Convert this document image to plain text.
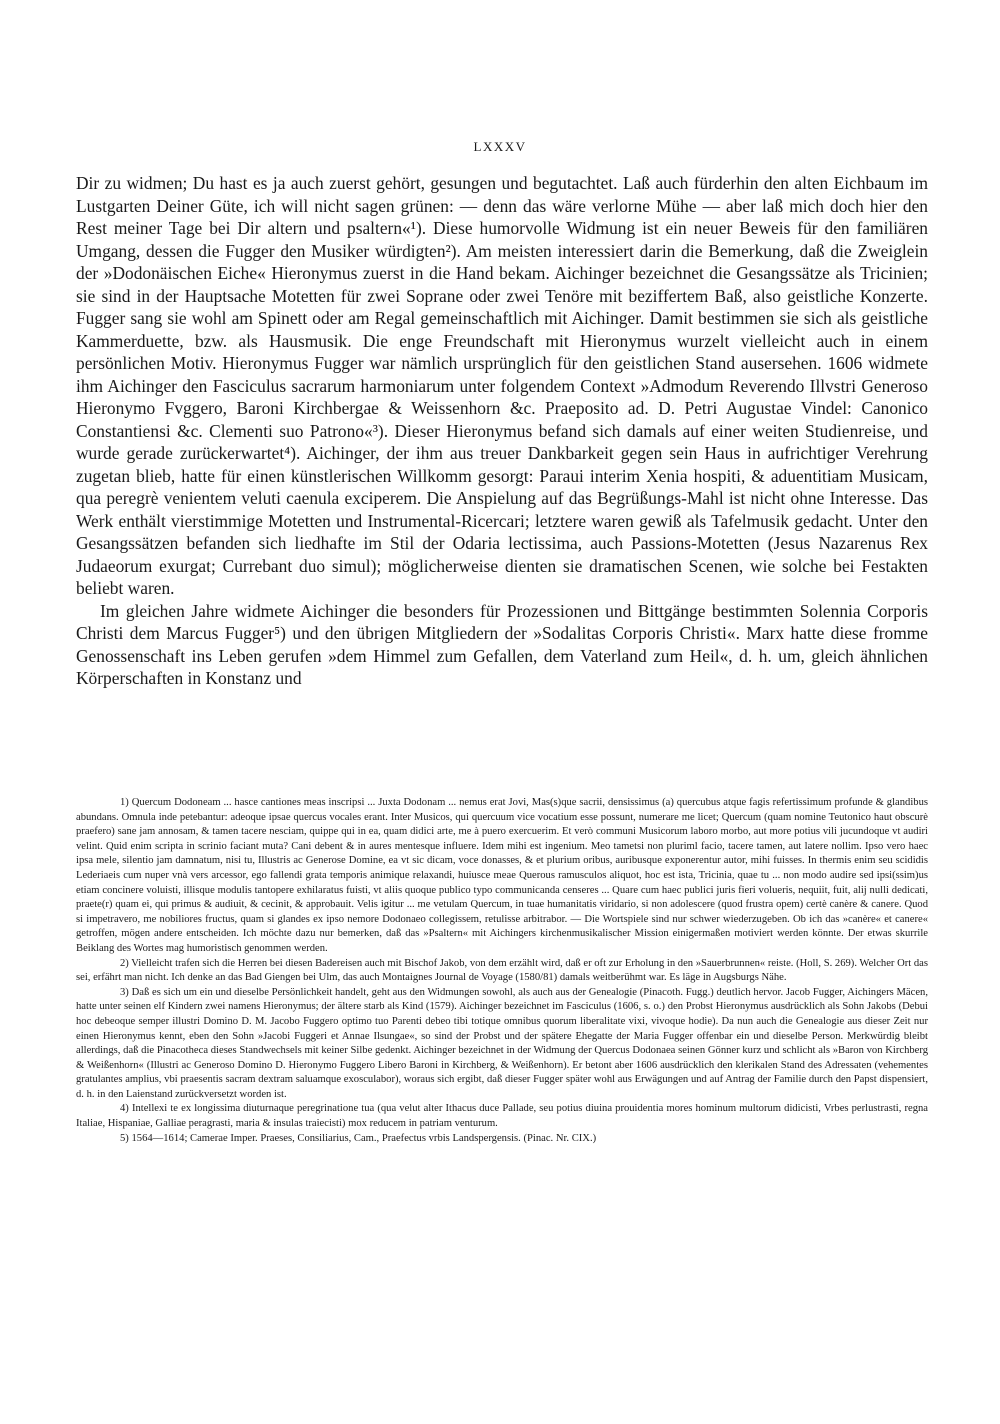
LXXXV

Dir zu widmen; Du hast es ja auch zuerst gehört, gesungen und begutachtet. Laß auch fürderhin den alten Eichbaum im Lustgarten Deiner Güte, ich will nicht sagen grünen: — denn das wäre verlorne Mühe — aber laß mich doch hier den Rest meiner Tage bei Dir altern und psaltern«¹). Diese humorvolle Widmung ist ein neuer Beweis für den familiären Umgang, dessen die Fugger den Musiker würdigten²). Am meisten interessiert darin die Bemerkung, daß die Zweiglein der »Dodonäischen Eiche« Hieronymus zuerst in die Hand bekam. Aichinger bezeichnet die Gesangssätze als Tricinien; sie sind in der Hauptsache Motetten für zwei Soprane oder zwei Tenöre mit beziffertem Baß, also geistliche Konzerte. Fugger sang sie wohl am Spinett oder am Regal gemeinschaftlich mit Aichinger. Damit bestimmen sie sich als geistliche Kammerduette, bzw. als Hausmusik. Die enge Freundschaft mit Hieronymus wurzelt vielleicht auch in einem persönlichen Motiv. Hieronymus Fugger war nämlich ursprünglich für den geistlichen Stand ausersehen. 1606 widmete ihm Aichinger den Fasciculus sacrarum harmoniarum unter folgendem Context »Admodum Reverendo Illvstri Generoso Hieronymo Fvggero, Baroni Kirchbergae & Weissenhorn &c. Praeposito ad. D. Petri Augustae Vindel: Canonico Constantiensi &c. Clementi suo Patrono«³). Dieser Hieronymus befand sich damals auf einer weiten Studienreise, und wurde gerade zurückerwartet⁴). Aichinger, der ihm aus treuer Dankbarkeit gegen sein Haus in aufrichtiger Verehrung zugetan blieb, hatte für einen künstlerischen Willkomm gesorgt: Paraui interim Xenia hospiti, & aduentitiam Musicam, qua peregrè venientem veluti caenula exciperem. Die Anspielung auf das Begrüßungs-Mahl ist nicht ohne Interesse. Das Werk enthält vierstimmige Motetten und Instrumental-Ricercari; letztere waren gewiß als Tafelmusik gedacht. Unter den Gesangssätzen befanden sich liedhafte im Stil der Odaria lectissima, auch Passions-Motetten (Jesus Nazarenus Rex Judaeorum exurgat; Currebant duo simul); möglicherweise dienten sie dramatischen Scenen, wie solche bei Festakten beliebt waren.

Im gleichen Jahre widmete Aichinger die besonders für Prozessionen und Bittgänge bestimmten Solennia Corporis Christi dem Marcus Fugger⁵) und den übrigen Mitgliedern der »Sodalitas Corporis Christi«. Marx hatte diese fromme Genossenschaft ins Leben gerufen »dem Himmel zum Gefallen, dem Vaterland zum Heil«, d. h. um, gleich ähnlichen Körperschaften in Konstanz und

1) Quercum Dodoneam ... hasce cantiones meas inscripsi ... Juxta Dodonam ... nemus erat Jovi, Mas(s)que sacrii, densissimus (a) quercubus atque fagis refertissimum profunde & glandibus abundans. Omnula inde petebantur: adeoque ipsae quercus vocales erant. Inter Musicos, qui quercuum vice vocatium esse possunt, numerare me licet; Quercum (quam nomine Teutonico haut obscurè praefero) sane jam annosam, & tamen tacere nesciam, quippe qui in ea, quam didici arte, me à puero exercuerim. Et verò communi Musicorum laboro morbo, aut more potius vili jucundoque vt audiri velint. Quid enim scripta in scrinio faciant muta? Cani debent & in aures mentesque influere. Idem mihi est ingenium. Meo tametsi non pluriml facio, tacere tamen, aut latere nollim. Ipso vero haec ipsa mele, silentio jam damnatum, nisi tu, Illustris ac Generose Domine, ea vt sic dicam, voce donasses, & et plurium oribus, auribusque exponerentur autor, mihi fuisses. In thermis enim seu scididis Lederiaeis cum nuper vnà vers arcessor, ego fallendi grata temporis animique relaxandi, huiusce meae Querous ramusculos aliquot, hoc est ista, Tricinia, quae tu ... non modo audire sed ipsi(ssim)us etiam concinere voluisti, illisque modulis tantopere exhilaratus fuisti, vt aliis quoque publico typo communicanda censeres ... Quare cum haec publici juris fieri volueris, nequiit, fuit, alij nulli dedicati, praete(r) quam ei, qui primus & audiuit, & cecinit, & approbauit. Velis igitur ... me vetulam Quercum, in tuae humanitatis viridario, si non adolescere (quod frustra opem) certè canère & canere. Quod si impetravero, me nobiliores fructus, quam si glandes ex ipso nemore Dodonaeo collegissem, retulisse arbitrabor. — Die Wortspiele sind nur schwer wiederzugeben. Ob ich das »canère« et canere« getroffen, mögen andere entscheiden. Ich möchte dazu nur bemerken, daß das »Psaltern« mit Aichingers kirchenmusikalischer Mission einigermaßen motiviert werden könnte. Der etwas skurrile Beiklang des Wortes mag humoristisch genommen werden.

2) Vielleicht trafen sich die Herren bei diesen Badereisen auch mit Bischof Jakob, von dem erzählt wird, daß er oft zur Erholung in den »Sauerbrunnen« reiste. (Holl, S. 269). Welcher Ort das sei, erfährt man nicht. Ich denke an das Bad Giengen bei Ulm, das auch Montaignes Journal de Voyage (1580/81) damals weitberühmt war. Es läge in Augsburgs Nähe.

3) Daß es sich um ein und dieselbe Persönlichkeit handelt, geht aus den Widmungen sowohl, als auch aus der Genealogie (Pinacoth. Fugg.) deutlich hervor. Jacob Fugger, Aichingers Mäcen, hatte unter seinen elf Kindern zwei namens Hieronymus; der ältere starb als Kind (1579). Aichinger bezeichnet im Fasciculus (1606, s. o.) den Probst Hieronymus ausdrücklich als Sohn Jakobs (Debui hoc debeoque semper illustri Domino D. M. Jacobo Fuggero optimo tuo Parenti debeo tibi totique omnibus quorum liberalitate vixi, vivoque hodie). Da nun auch die Genealogie aus dieser Zeit nur einen Hieronymus kennt, eben den Sohn »Jacobi Fuggeri et Annae Ilsungae«, so sind der Probst und der spätere Ehegatte der Maria Fugger offenbar ein und dieselbe Person. Merkwürdig bleibt allerdings, daß die Pinacotheca dieses Standwechsels mit keiner Silbe gedenkt. Aichinger bezeichnet in der Widmung der Quercus Dodonaea seinen Gönner kurz und schlicht als »Baron von Kirchberg & Weißenhorn« (Illustri ac Generoso Domino D. Hieronymo Fuggero Libero Baroni in Kirchberg, & Weißenhorn). Er betont aber 1606 ausdrücklich den klerikalen Stand des Adressaten (vehementes gratulantes amplius, vbi praesentis sacram dextram saluamque exosculabor), woraus sich ergibt, daß dieser Fugger später wohl aus Erwägungen und auf Antrag der Familie durch den Papst dispensiert, d. h. in den Laienstand zurückversetzt worden ist.

4) Intellexi te ex longissima diuturnaque peregrinatione tua (qua velut alter Ithacus duce Pallade, seu potius diuina prouidentia mores hominum multorum didicisti, Vrbes perlustrasti, regna Italiae, Hispaniae, Galliae peragrasti, maria & insulas traiecisti) mox reducem in patriam venturum.

5) 1564—1614; Camerae Imper. Praeses, Consiliarius, Cam., Praefectus vrbis Landspergensis. (Pinac. Nr. CIX.)
